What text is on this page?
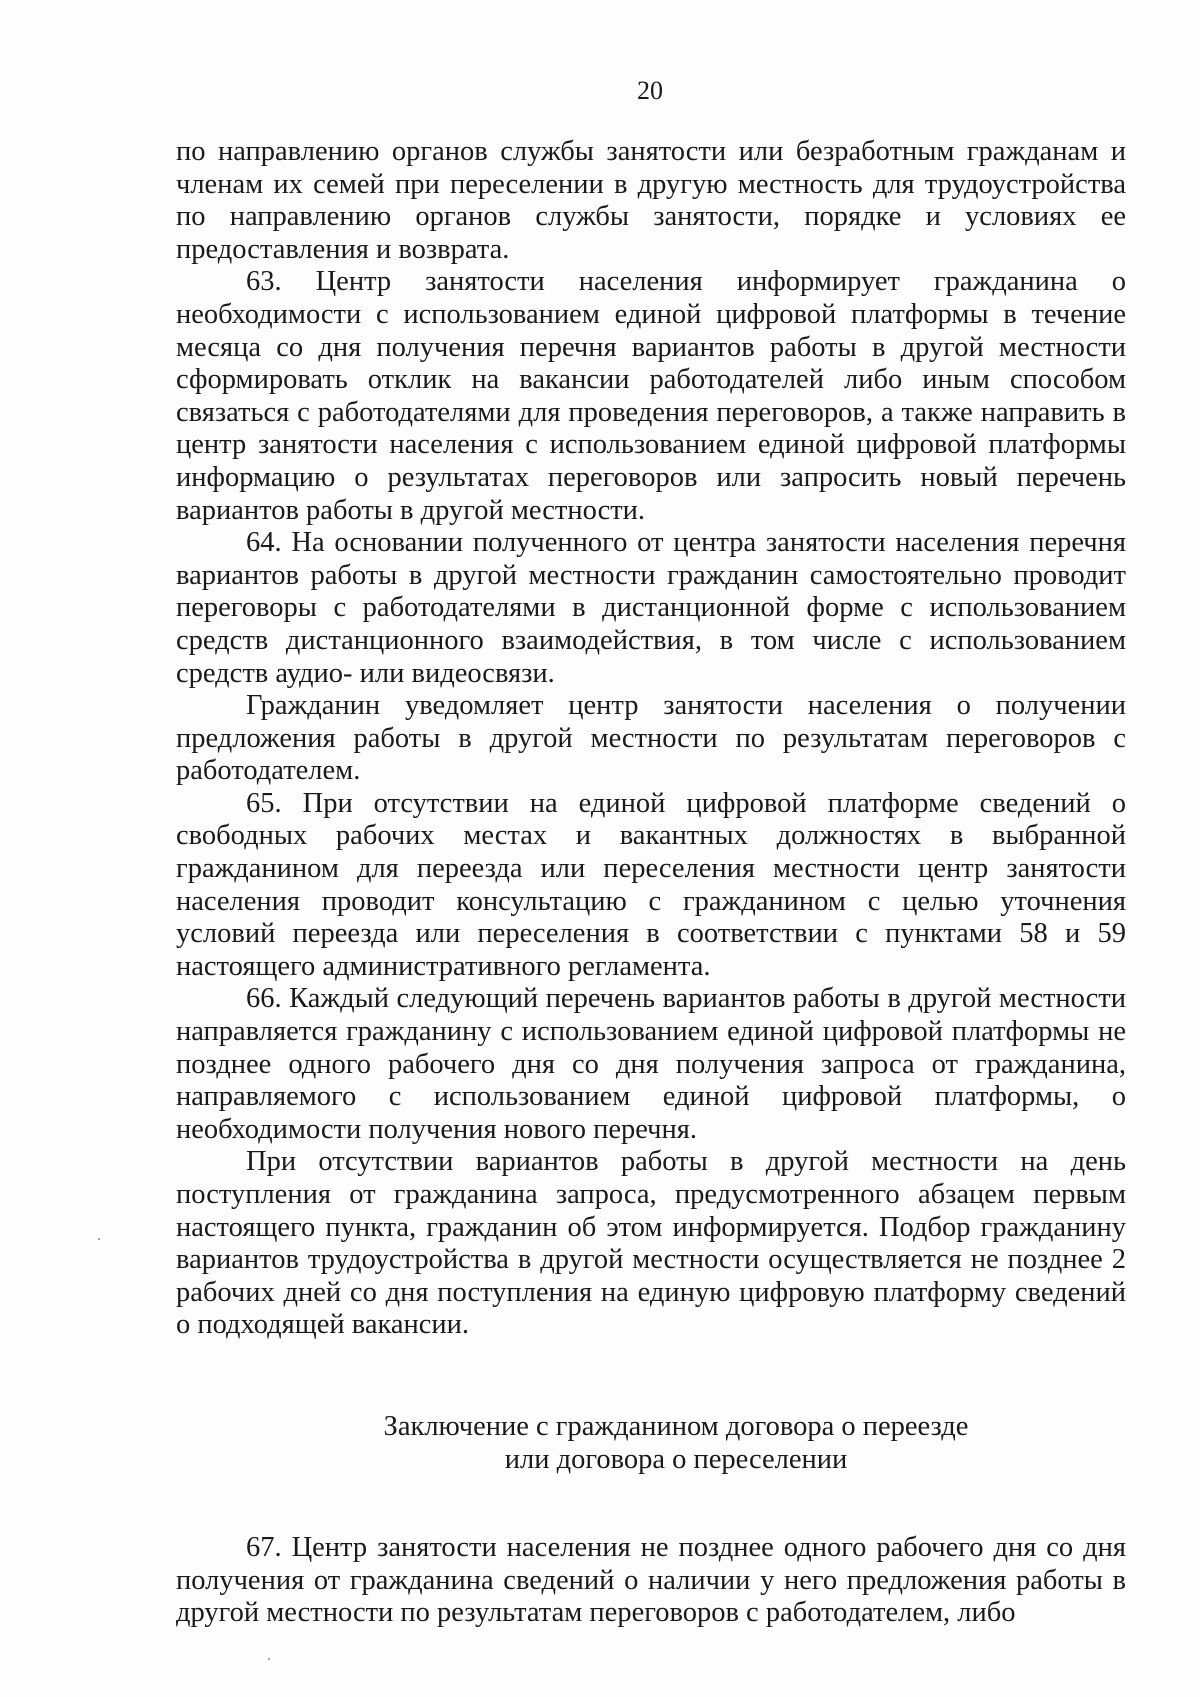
20

по направлению органов службы занятости или безработным гражданам и членам их семей при переселении в другую местность для трудоустройства по направлению органов службы занятости, порядке и условиях ее предоставления и возврата.

63. Центр занятости населения информирует гражданина о необходимости с использованием единой цифровой платформы в течение месяца со дня получения перечня вариантов работы в другой местности сформировать отклик на вакансии работодателей либо иным способом связаться с работодателями для проведения переговоров, а также направить в центр занятости населения с использованием единой цифровой платформы информацию о результатах переговоров или запросить новый перечень вариантов работы в другой местности.

64. На основании полученного от центра занятости населения перечня вариантов работы в другой местности гражданин самостоятельно проводит переговоры с работодателями в дистанционной форме с использованием средств дистанционного взаимодействия, в том числе с использованием средств аудио- или видеосвязи.

Гражданин уведомляет центр занятости населения о получении предложения работы в другой местности по результатам переговоров с работодателем.

65. При отсутствии на единой цифровой платформе сведений о свободных рабочих местах и вакантных должностях в выбранной гражданином для переезда или переселения местности центр занятости населения проводит консультацию с гражданином с целью уточнения условий переезда или переселения в соответствии с пунктами 58 и 59 настоящего административного регламента.

66. Каждый следующий перечень вариантов работы в другой местности направляется гражданину с использованием единой цифровой платформы не позднее одного рабочего дня со дня получения запроса от гражданина, направляемого с использованием единой цифровой платформы, о необходимости получения нового перечня.

При отсутствии вариантов работы в другой местности на день поступления от гражданина запроса, предусмотренного абзацем первым настоящего пункта, гражданин об этом информируется. Подбор гражданину вариантов трудоустройства в другой местности осуществляется не позднее 2 рабочих дней со дня поступления на единую цифровую платформу сведений о подходящей вакансии.

Заключение с гражданином договора о переезде
или договора о переселении

67. Центр занятости населения не позднее одного рабочего дня со дня получения от гражданина сведений о наличии у него предложения работы в другой местности по результатам переговоров с работодателем, либо
